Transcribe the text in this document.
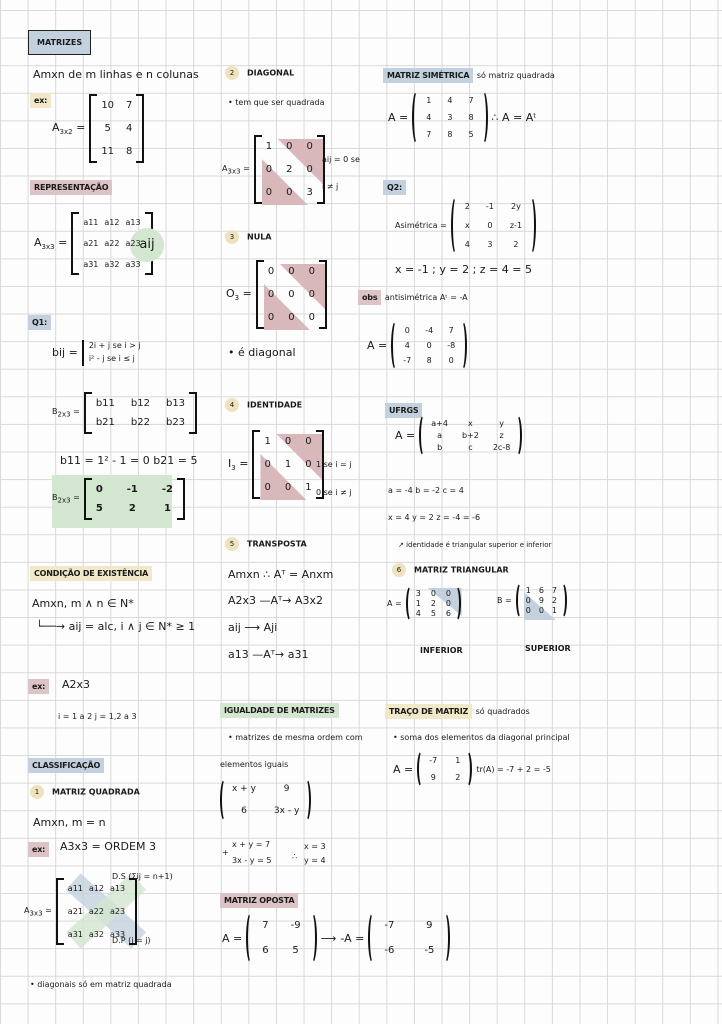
MATRIZES
Amxn de m linhas e n colunas
ex:
$A_{3x2}$ =
10 7
5	4
11 8
REPRESENTAÇÃO
$A_{3x3}$ =
a11 a12 a13
a21 a22 a23
a31 a32 a33
aij
Q1:
bij =
2i + j se i > j
i² - j se i ≤ j
$B_{2x3}$ =
b11 b12 b13
b21 b22 b23
b11 = 1² - 1 = 0 b21 = 5
$B_{2x3}$ =
0 -1 -2
5	2	1
CONDIÇÃO DE EXISTÊNCIA
Amxn, m ∧ n ∈ N*
└──→ aij = alc, i ∧ j ∈ N* ≥ 1
ex:	A2x3
i = 1 a 2 j = 1,2 a 3
CLASSIFICAÇÃO
1 MATRIZ QUADRADA
Amxn, m = n
ex:	A3x3 = ORDEM 3
$A_{3x3}$ =
a11 a12 a13
a21 a22 a23
a31 a32 a33
D.S (Σij = n+1)
D.P (i = j)
• diagonais só em matriz quadrada
2 DIAGONAL
• tem que ser quadrada
$A_{3x3}$ =
1 0 0
0 2 0
0 0 3
aij = 0 se
i ≠ j
3 NULA
$O_3$ =
0 0 0
0 0 0
0 0 0
• é diagonal
4 IDENTIDADE
$I_3$ =
1 0 0
0 1 0
0 0 1
1 se i = j
0 se i ≠ j
5 TRANSPOSTA
Amxn ∴ Aᵀ = Anxm
A2x3 —Aᵀ→ A3x2
aij ⟶ Aji
a13 —Aᵀ→ a31
IGUALDADE DE MATRIZES
• matrizes de mesma ordem com
elementos iguais
x + y	9
6	3x - y
+
x + y = 7
3x - y = 5	∴
x = 3
y = 4
MATRIZ OPOSTA
A =
7 -9
6 5
⟶ -A =
-7	9
-6	-5
MATRIZ SIMÉTRICA só matriz quadrada
A =
1 4 7
4 3 8
7 8 5
∴ A = Aᵗ
Q2:
Asimétrica =
2 -1 2y
x 0 z-1
4 3	2
x = -1 ; y = 2 ; z = 4 = 5
obs antisimétrica Aᵗ = -A
A =
0 -4 7
4 0 -8
-7 8 0
UFRGS
A =
a+4	x	y
a	b+2	z
b	c	2c-8
a = -4 b = -2 c = 4
x = 4 y = 2 z = -4 = -6
↗ identidade é triangular superior e inferior
6 MATRIZ TRIANGULAR
A =
3 0 0
1 2 0
4 5 6
B =
1 6 7
0 9 2
0 0 1
INFERIOR	SUPERIOR
TRAÇO DE MATRIZ só quadrados
• soma dos elementos da diagonal principal
A =
-7 1
9 2
tr(A) = -7 + 2 = -5
